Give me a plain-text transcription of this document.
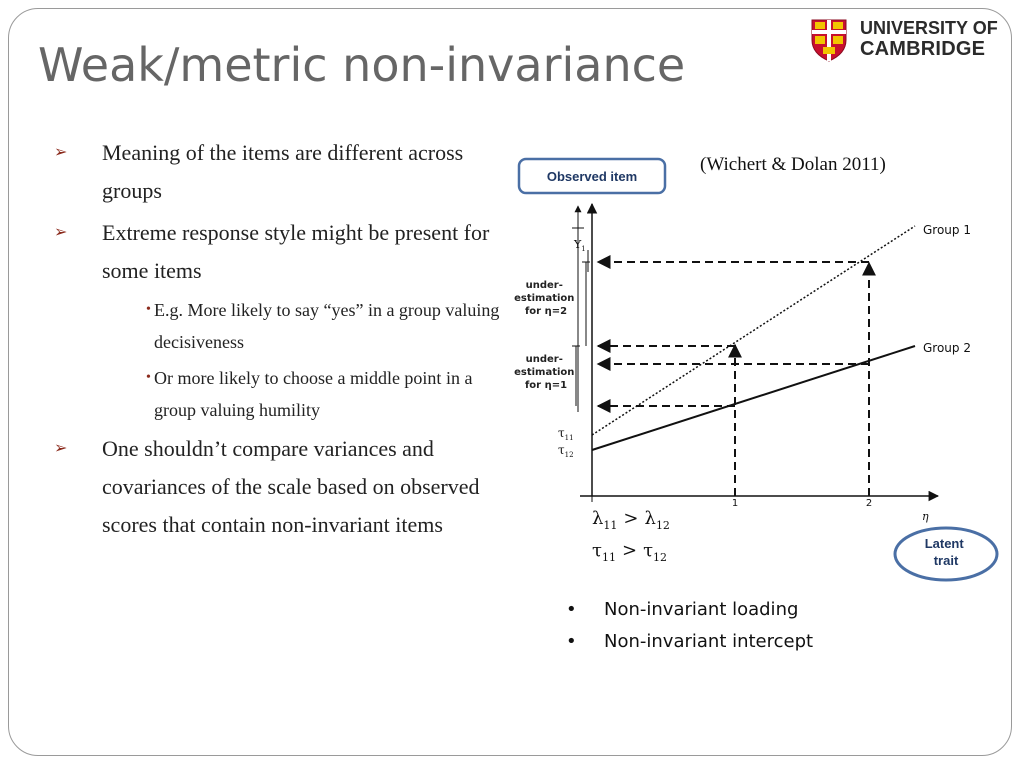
Weak/metric non-invariance
UNIVERSITY OF
CAMBRIDGE
➢ Meaning of the items are different across groups
➢ Extreme response style might be present for some items
• E.g. More likely to say “yes” in a group valuing decisiveness
• Or more likely to choose a middle point in a group valuing humility
➢ One shouldn’t compare variances and covariances of the scale based on observed scores that contain non-invariant items
(Wichert & Dolan 2011)
Observed item
η
$Y_1$
under- estimation for η=2
under- estimation for η=1
$\tau_{11}$
$\tau_{12}$
Group 1
Group 2
1	2
$\lambda_{11} > \lambda_{12}$
$\tau_{11} > \tau_{12}$
Latent trait
• Non-invariant loading
• Non-invariant intercept
